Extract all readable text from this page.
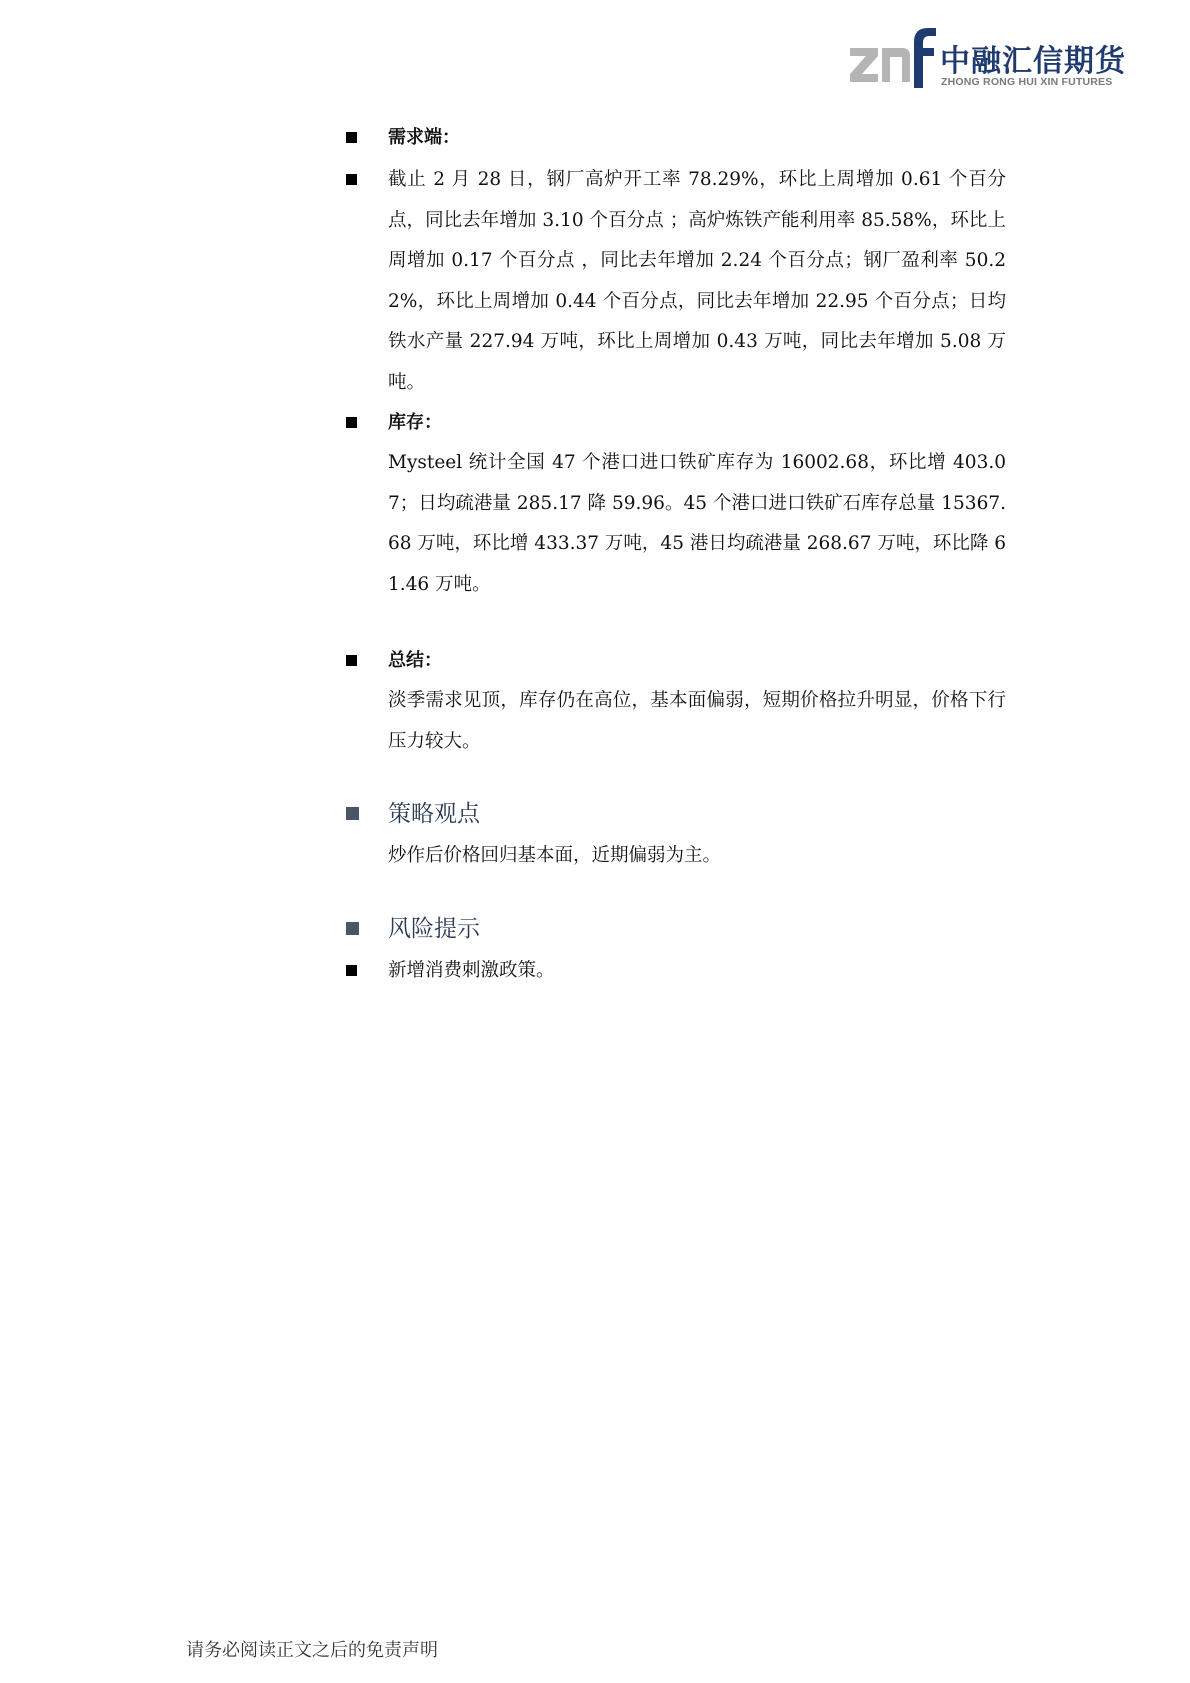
中融汇信期货
ZHONG RONG HUI XIN FUTURES
需求端：
截止 2 月 28 日，钢厂高炉开工率 78.29%，环比上周增加 0.61 个百分点，同比去年增加 3.10 个百分点 ；高炉炼铁产能利用率 85.58%，环比上周增加 0.17 个百分点 ，同比去年增加 2.24 个百分点；钢厂盈利率 50.22%，环比上周增加 0.44 个百分点，同比去年增加 22.95 个百分点；日均铁水产量 227.94 万吨，环比上周增加 0.43 万吨，同比去年增加 5.08 万吨。
库存：
Mysteel 统计全国 47 个港口进口铁矿库存为 16002.68，环比增 403.07；日均疏港量 285.17 降 59.96。45 个港口进口铁矿石库存总量 15367.68 万吨，环比增 433.37 万吨，45 港日均疏港量 268.67 万吨，环比降 61.46 万吨。
总结：
淡季需求见顶，库存仍在高位，基本面偏弱，短期价格拉升明显，价格下行压力较大。
策略观点
炒作后价格回归基本面，近期偏弱为主。
风险提示
新增消费刺激政策。
请务必阅读正文之后的免责声明
